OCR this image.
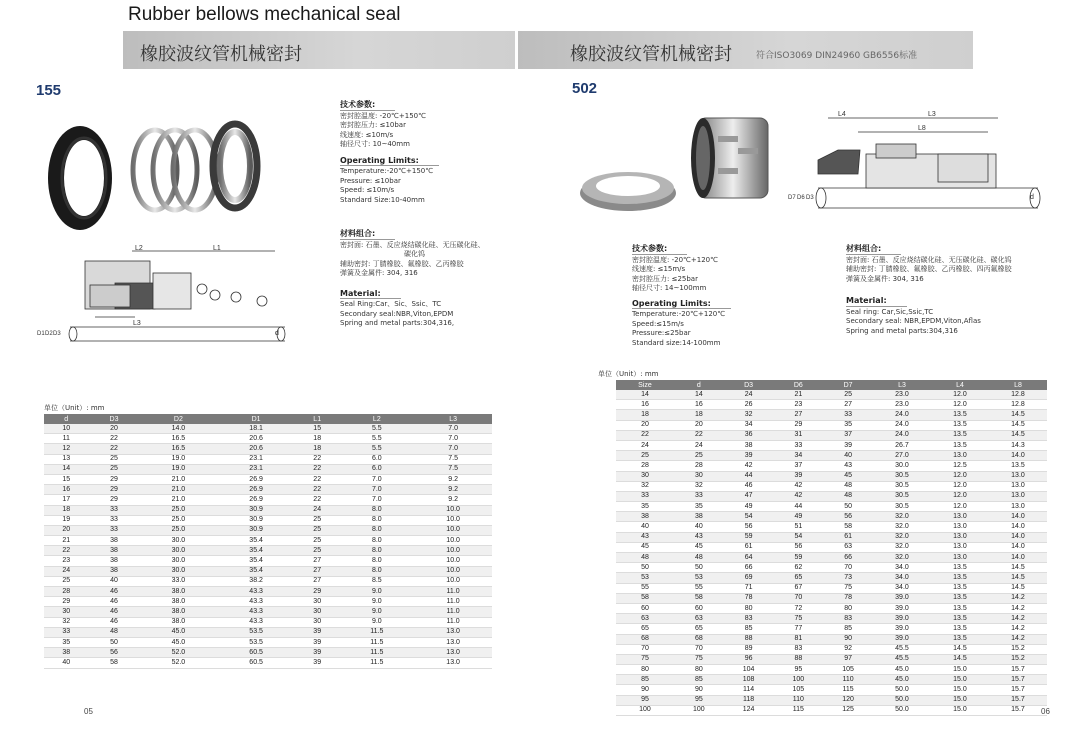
Rubber bellows mechanical seal
橡胶波纹管机械密封	橡胶波纹管机械密封	符合ISO3069 DIN24960 GB6556标准
155	502
L2	L1
L3
D1 D2 D3	d
技术参数:
密封腔温度: -20℃+150℃
密封腔压力: ≤10bar
线速度: ≤10m/s
轴径尺寸: 10~40mm
Operating Limits:
Temperature:-20℃+150℃
Pressure: ≤10bar
Speed: ≤10m/s
Standard Size:10-40mm
材料组合:
密封面: 石墨、反应烧结碳化硅、无压碳化硅、
碳化钨
辅助密封: 丁腈橡胶、氟橡胶、乙丙橡胶
弹簧及金属件: 304, 316
Material:
Seal Ring:Car、Sic、Ssic、TC
Secondary seal:NBR,Viton,EPDM
Spring and metal parts:304,316,
L4	L3
L8
D7 D6 D3	d
技术参数:
密封腔温度: -20℃+120℃
线速度: ≤15m/s
密封腔压力: ≤25bar
轴径尺寸: 14~100mm
Operating Limits:
Temperature:-20℃+120℃
Speed:≤15m/s
Pressure:≤25bar
Standard size:14-100mm
材料组合:
密封面: 石墨、反应烧结碳化硅、无压碳化硅、碳化钨
辅助密封: 丁腈橡胶、氟橡胶、乙丙橡胶、四丙氟橡胶
弹簧及金属件: 304, 316
Material:
Seal ring: Car,Sic,Ssic,TC
Secondary seal: NBR,EPDM,Viton,Aflas
Spring and metal parts:304,316
单位（Unit）: mm
单位（Unit）: mm
d	D3	D2	D1	L1	L2	L3
10	20	14.0	18.1	15	5.5	7.0
11	22	16.5	20.6	18	5.5	7.0
12	22	16.5	20.6	18	5.5	7.0
13	25	19.0	23.1	22	6.0	7.5
14	25	19.0	23.1	22	6.0	7.5
15	29	21.0	26.9	22	7.0	9.2
16	29	21.0	26.9	22	7.0	9.2
17	29	21.0	26.9	22	7.0	9.2
18	33	25.0	30.9	24	8.0	10.0
19	33	25.0	30.9	25	8.0	10.0
20	33	25.0	30.9	25	8.0	10.0
21	38	30.0	35.4	25	8.0	10.0
22	38	30.0	35.4	25	8.0	10.0
23	38	30.0	35.4	27	8.0	10.0
24	38	30.0	35.4	27	8.0	10.0
25	40	33.0	38.2	27	8.5	10.0
28	46	38.0	43.3	29	9.0	11.0
29	46	38.0	43.3	30	9.0	11.0
30	46	38.0	43.3	30	9.0	11.0
32	46	38.0	43.3	30	9.0	11.0
33	48	45.0	53.5	39	11.5	13.0
35	50	45.0	53.5	39	11.5	13.0
38	56	52.0	60.5	39	11.5	13.0
40	58	52.0	60.5	39	11.5	13.0
Size	d	D3	D6	D7	L3	L4	L8
14	14	24	21	25	23.0	12.0	12.8
16	16	26	23	27	23.0	12.0	12.8
18	18	32	27	33	24.0	13.5	14.5
20	20	34	29	35	24.0	13.5	14.5
22	22	36	31	37	24.0	13.5	14.5
24	24	38	33	39	26.7	13.5	14.3
25	25	39	34	40	27.0	13.0	14.0
28	28	42	37	43	30.0	12.5	13.5
30	30	44	39	45	30.5	12.0	13.0
32	32	46	42	48	30.5	12.0	13.0
33	33	47	42	48	30.5	12.0	13.0
35	35	49	44	50	30.5	12.0	13.0
38	38	54	49	56	32.0	13.0	14.0
40	40	56	51	58	32.0	13.0	14.0
43	43	59	54	61	32.0	13.0	14.0
45	45	61	56	63	32.0	13.0	14.0
48	48	64	59	66	32.0	13.0	14.0
50	50	66	62	70	34.0	13.5	14.5
53	53	69	65	73	34.0	13.5	14.5
55	55	71	67	75	34.0	13.5	14.5
58	58	78	70	78	39.0	13.5	14.2
60	60	80	72	80	39.0	13.5	14.2
63	63	83	75	83	39.0	13.5	14.2
65	65	85	77	85	39.0	13.5	14.2
68	68	88	81	90	39.0	13.5	14.2
70	70	89	83	92	45.5	14.5	15.2
75	75	96	88	97	45.5	14.5	15.2
80	80	104	95	105	45.0	15.0	15.7
85	85	108	100	110	45.0	15.0	15.7
90	90	114	105	115	50.0	15.0	15.7
95	95	118	110	120	50.0	15.0	15.7
100	100	124	115	125	50.0	15.0	15.7
05	06
